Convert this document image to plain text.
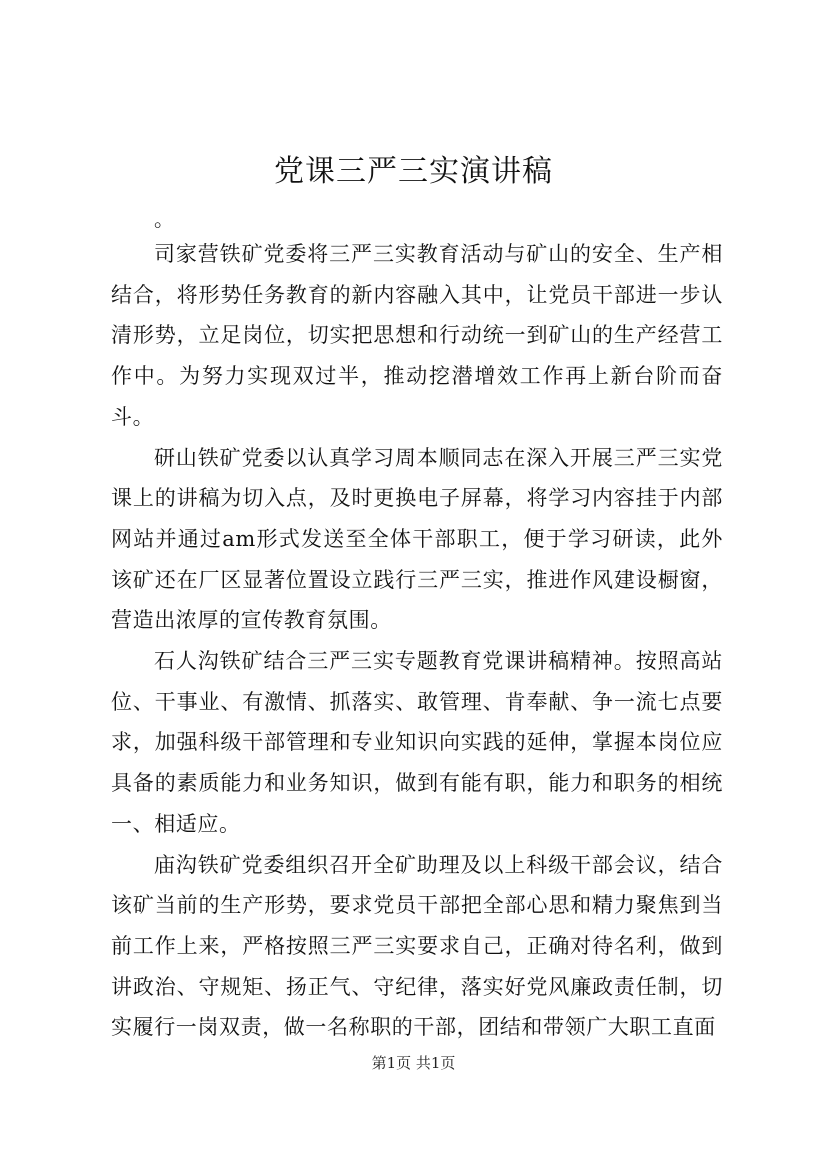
党课三严三实演讲稿

。

司家营铁矿党委将三严三实教育活动与矿山的安全、生产相结合，将形势任务教育的新内容融入其中，让党员干部进一步认清形势，立足岗位，切实把思想和行动统一到矿山的生产经营工作中。为努力实现双过半，推动挖潜增效工作再上新台阶而奋斗。

研山铁矿党委以认真学习周本顺同志在深入开展三严三实党课上的讲稿为切入点，及时更换电子屏幕，将学习内容挂于内部网站并通过am形式发送至全体干部职工，便于学习研读，此外该矿还在厂区显著位置设立践行三严三实，推进作风建设橱窗，营造出浓厚的宣传教育氛围。

石人沟铁矿结合三严三实专题教育党课讲稿精神。按照高站位、干事业、有激情、抓落实、敢管理、肯奉献、争一流七点要求，加强科级干部管理和专业知识向实践的延伸，掌握本岗位应具备的素质能力和业务知识，做到有能有职，能力和职务的相统一、相适应。

庙沟铁矿党委组织召开全矿助理及以上科级干部会议，结合该矿当前的生产形势，要求党员干部把全部心思和精力聚焦到当前工作上来，严格按照三严三实要求自己，正确对待名利，做到讲政治、守规矩、扬正气、守纪律，落实好党风廉政责任制，切实履行一岗双责，做一名称职的干部，团结和带领广大职工直面

第1页 共1页
